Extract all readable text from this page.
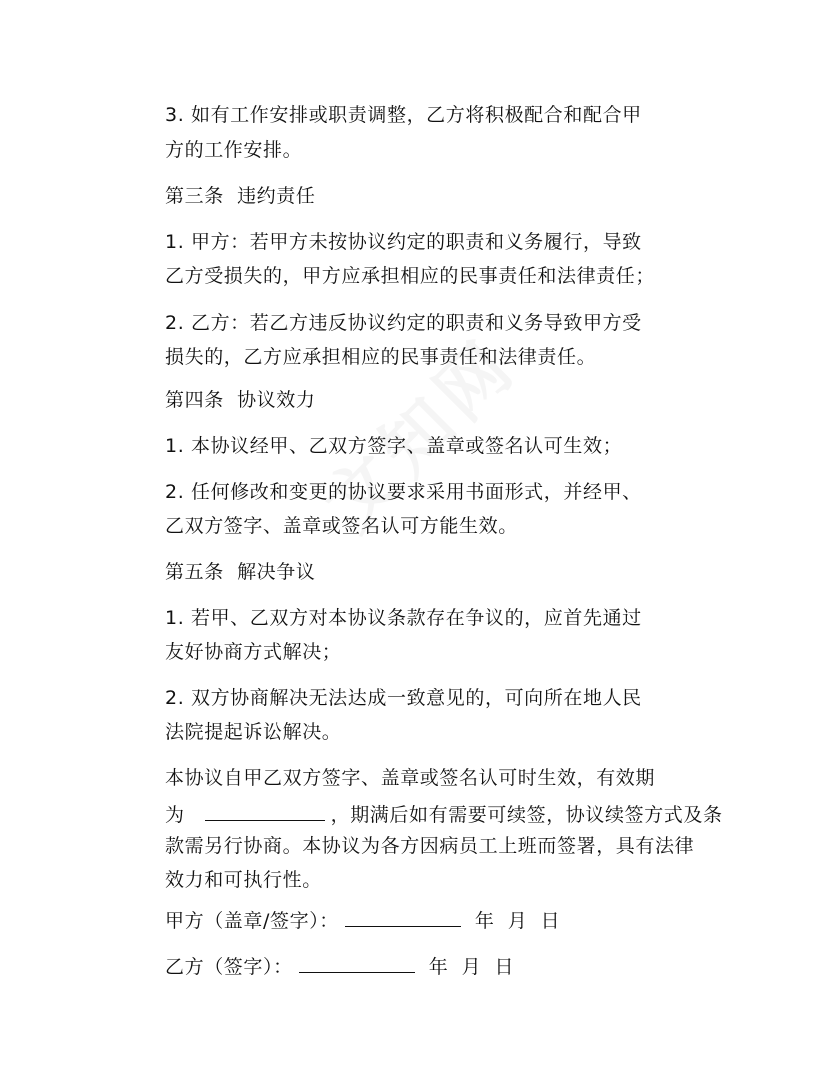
3. 如有工作安排或职责调整，乙方将积极配合和配合甲
方的工作安排。
第三条  违约责任
1. 甲方：若甲方未按协议约定的职责和义务履行，导致
乙方受损失的，甲方应承担相应的民事责任和法律责任；
2. 乙方：若乙方违反协议约定的职责和义务导致甲方受
损失的，乙方应承担相应的民事责任和法律责任。
第四条  协议效力
1. 本协议经甲、乙双方签字、盖章或签名认可生效；
2. 任何修改和变更的协议要求采用书面形式，并经甲、
乙双方签字、盖章或签名认可方能生效。
第五条  解决争议
1. 若甲、乙双方对本协议条款存在争议的，应首先通过
友好协商方式解决；
2. 双方协商解决无法达成一致意见的，可向所在地人民
法院提起诉讼解决。
本协议自甲乙双方签字、盖章或签名认可时生效，有效期
为	，期满后如有需要可续签，协议续签方式及条
款需另行协商。本协议为各方因病员工上班而签署，具有法律
效力和可执行性。
甲方（盖章/签字）：	年  月  日
乙方（签字）：	年  月  日
